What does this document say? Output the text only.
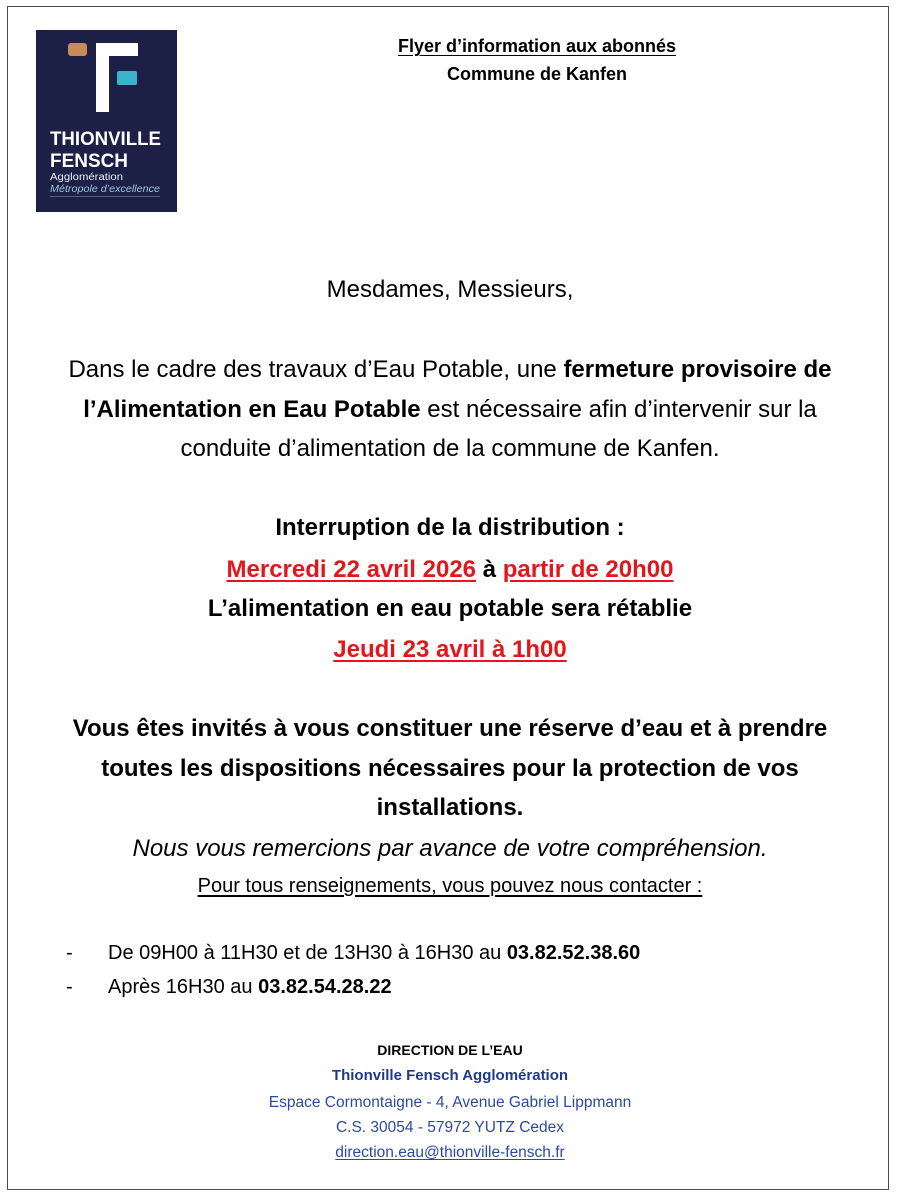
THIONVILLE
FENSCH
Agglomération
Métropole d’excellence
Flyer d’information aux abonnés
Commune de Kanfen
Mesdames, Messieurs,
Dans le cadre des travaux d’Eau Potable, une fermeture provisoire de
l’Alimentation en Eau Potable est nécessaire afin d’intervenir sur la
conduite d’alimentation de la commune de Kanfen.
Interruption de la distribution :
Mercredi 22 avril 2026 à partir de 20h00
L’alimentation en eau potable sera rétablie
Jeudi 23 avril à 1h00
Vous êtes invités à vous constituer une réserve d’eau et à prendre
toutes les dispositions nécessaires pour la protection de vos
installations.
Nous vous remercions par avance de votre compréhension.
Pour tous renseignements, vous pouvez nous contacter :
- De 09H00 à 11H30 et de 13H30 à 16H30 au 03.82.52.38.60
- Après 16H30 au 03.82.54.28.22
DIRECTION DE L’EAU
Thionville Fensch Agglomération
Espace Cormontaigne - 4, Avenue Gabriel Lippmann
C.S. 30054 - 57972 YUTZ Cedex
direction.eau@thionville-fensch.fr
